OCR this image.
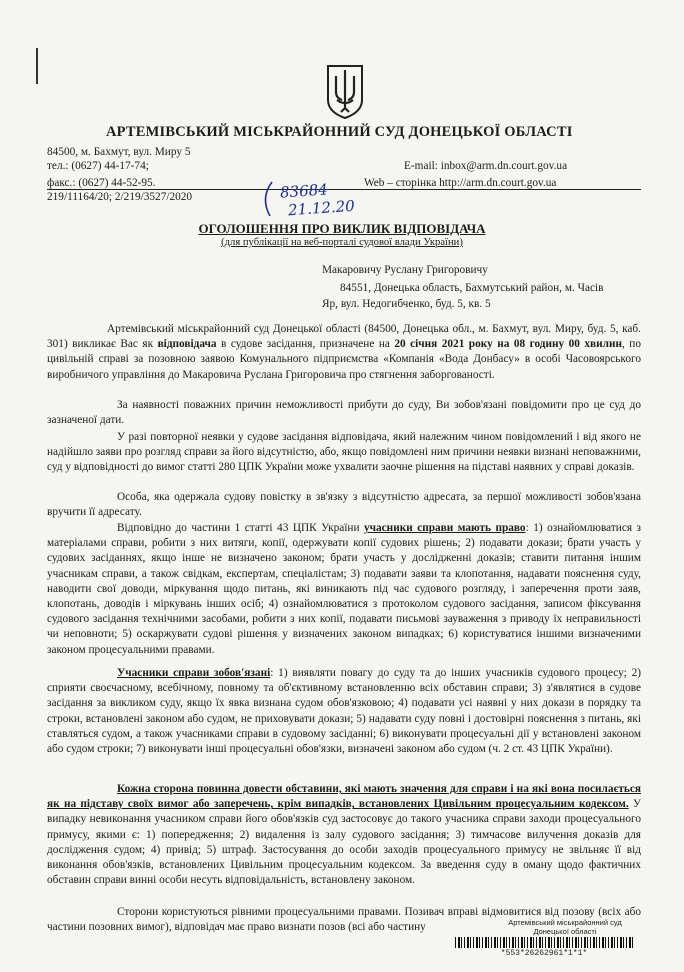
АРТЕМІВСЬКИЙ МІСЬКРАЙОННИЙ СУД ДОНЕЦЬКОЇ ОБЛАСТІ
84500, м. Бахмут, вул. Миру 5
тел.: (0627) 44-17-74;	E-mail: inbox@arm.dn.court.gov.ua
факс.: (0627) 44-52-95.	Web – сторінка http://arm.dn.court.gov.ua
219/11164/20; 2/219/3527/2020	83684
21.12.20
ОГОЛОШЕННЯ ПРО ВИКЛИК ВІДПОВІДАЧА
(для публікації на веб-порталі судової влади України)
Макаровичу Руслану Григоровичу
84551, Донецька область, Бахмутський район, м. Часів
Яр, вул. Недогибченко, буд. 5, кв. 5

Артемівський міськрайонний суд Донецької області (84500, Донецька обл., м. Бахмут, вул. Миру, буд. 5, каб. 301) викликає Вас як відповідача в судове засідання, призначене на 20 січня 2021 року на 08 годину 00 хвилин, по цивільній справі за позовною заявою Комунального підприємства «Компанія «Вода Донбасу» в особі Часовоярського виробничого управління до Макаровича Руслана Григоровича про стягнення заборгованості.

За наявності поважних причин неможливості прибути до суду, Ви зобов'язані повідомити про це суд до зазначеної дати.

У разі повторної неявки у судове засідання відповідача, який належним чином повідомлений і від якого не надійшло заяви про розгляд справи за його відсутністю, або, якщо повідомлені ним причини неявки визнані неповажними, суд у відповідності до вимог статті 280 ЦПК України може ухвалити заочне рішення на підставі наявних у справі доказів.

Особа, яка одержала судову повістку в зв'язку з відсутністю адресата, за першої можливості зобов'язана вручити її адресату.

Відповідно до частини 1 статті 43 ЦПК України учасники справи мають право: 1) ознайомлюватися з матеріалами справи, робити з них витяги, копії, одержувати копії судових рішень; 2) подавати докази; брати участь у судових засіданнях, якщо інше не визначено законом; брати участь у дослідженні доказів; ставити питання іншим учасникам справи, а також свідкам, експертам, спеціалістам; 3) подавати заяви та клопотання, надавати пояснення суду, наводити свої доводи, міркування щодо питань, які виникають під час судового розгляду, і заперечення проти заяв, клопотань, доводів і міркувань інших осіб; 4) ознайомлюватися з протоколом судового засідання, записом фіксування судового засідання технічними засобами, робити з них копії, подавати письмові зауваження з приводу їх неправильності чи неповноти; 5) оскаржувати судові рішення у визначених законом випадках; 6) користуватися іншими визначеними законом процесуальними правами.

Учасники справи зобов'язані: 1) виявляти повагу до суду та до інших учасників судового процесу; 2) сприяти своєчасному, всебічному, повному та об'єктивному встановленню всіх обставин справи; 3) з'являтися в судове засідання за викликом суду, якщо їх явка визнана судом обов'язковою; 4) подавати усі наявні у них докази в порядку та строки, встановлені законом або судом, не приховувати докази; 5) надавати суду повні і достовірні пояснення з питань, які ставляться судом, а також учасниками справи в судовому засіданні; 6) виконувати процесуальні дії у встановлені законом або судом строки; 7) виконувати інші процесуальні обов'язки, визначені законом або судом (ч. 2 ст. 43 ЦПК України).

Кожна сторона повинна довести обставини, які мають значення для справи і на які вона посилається як на підставу своїх вимог або заперечень, крім випадків, встановлених Цивільним процесуальним кодексом. У випадку невиконання учасником справи його обов'язків суд застосовує до такого учасника справи заходи процесуального примусу, якими є: 1) попередження; 2) видалення із залу судового засідання; 3) тимчасове вилучення доказів для дослідження судом; 4) привід; 5) штраф. Застосування до особи заходів процесуального примусу не звільняє її від виконання обов'язків, встановлених Цивільним процесуальним кодексом. За введення суду в оману щодо фактичних обставин справи винні особи несуть відповідальність, встановлену законом.

Сторони користуються рівними процесуальними правами. Позивач вправі відмовитися від позову (всіх або частини позовних вимог), відповідач має право визнати позов (всі або частину	Артемівський міськрайонний суд Донецької області
*553*26262961*1*1*
